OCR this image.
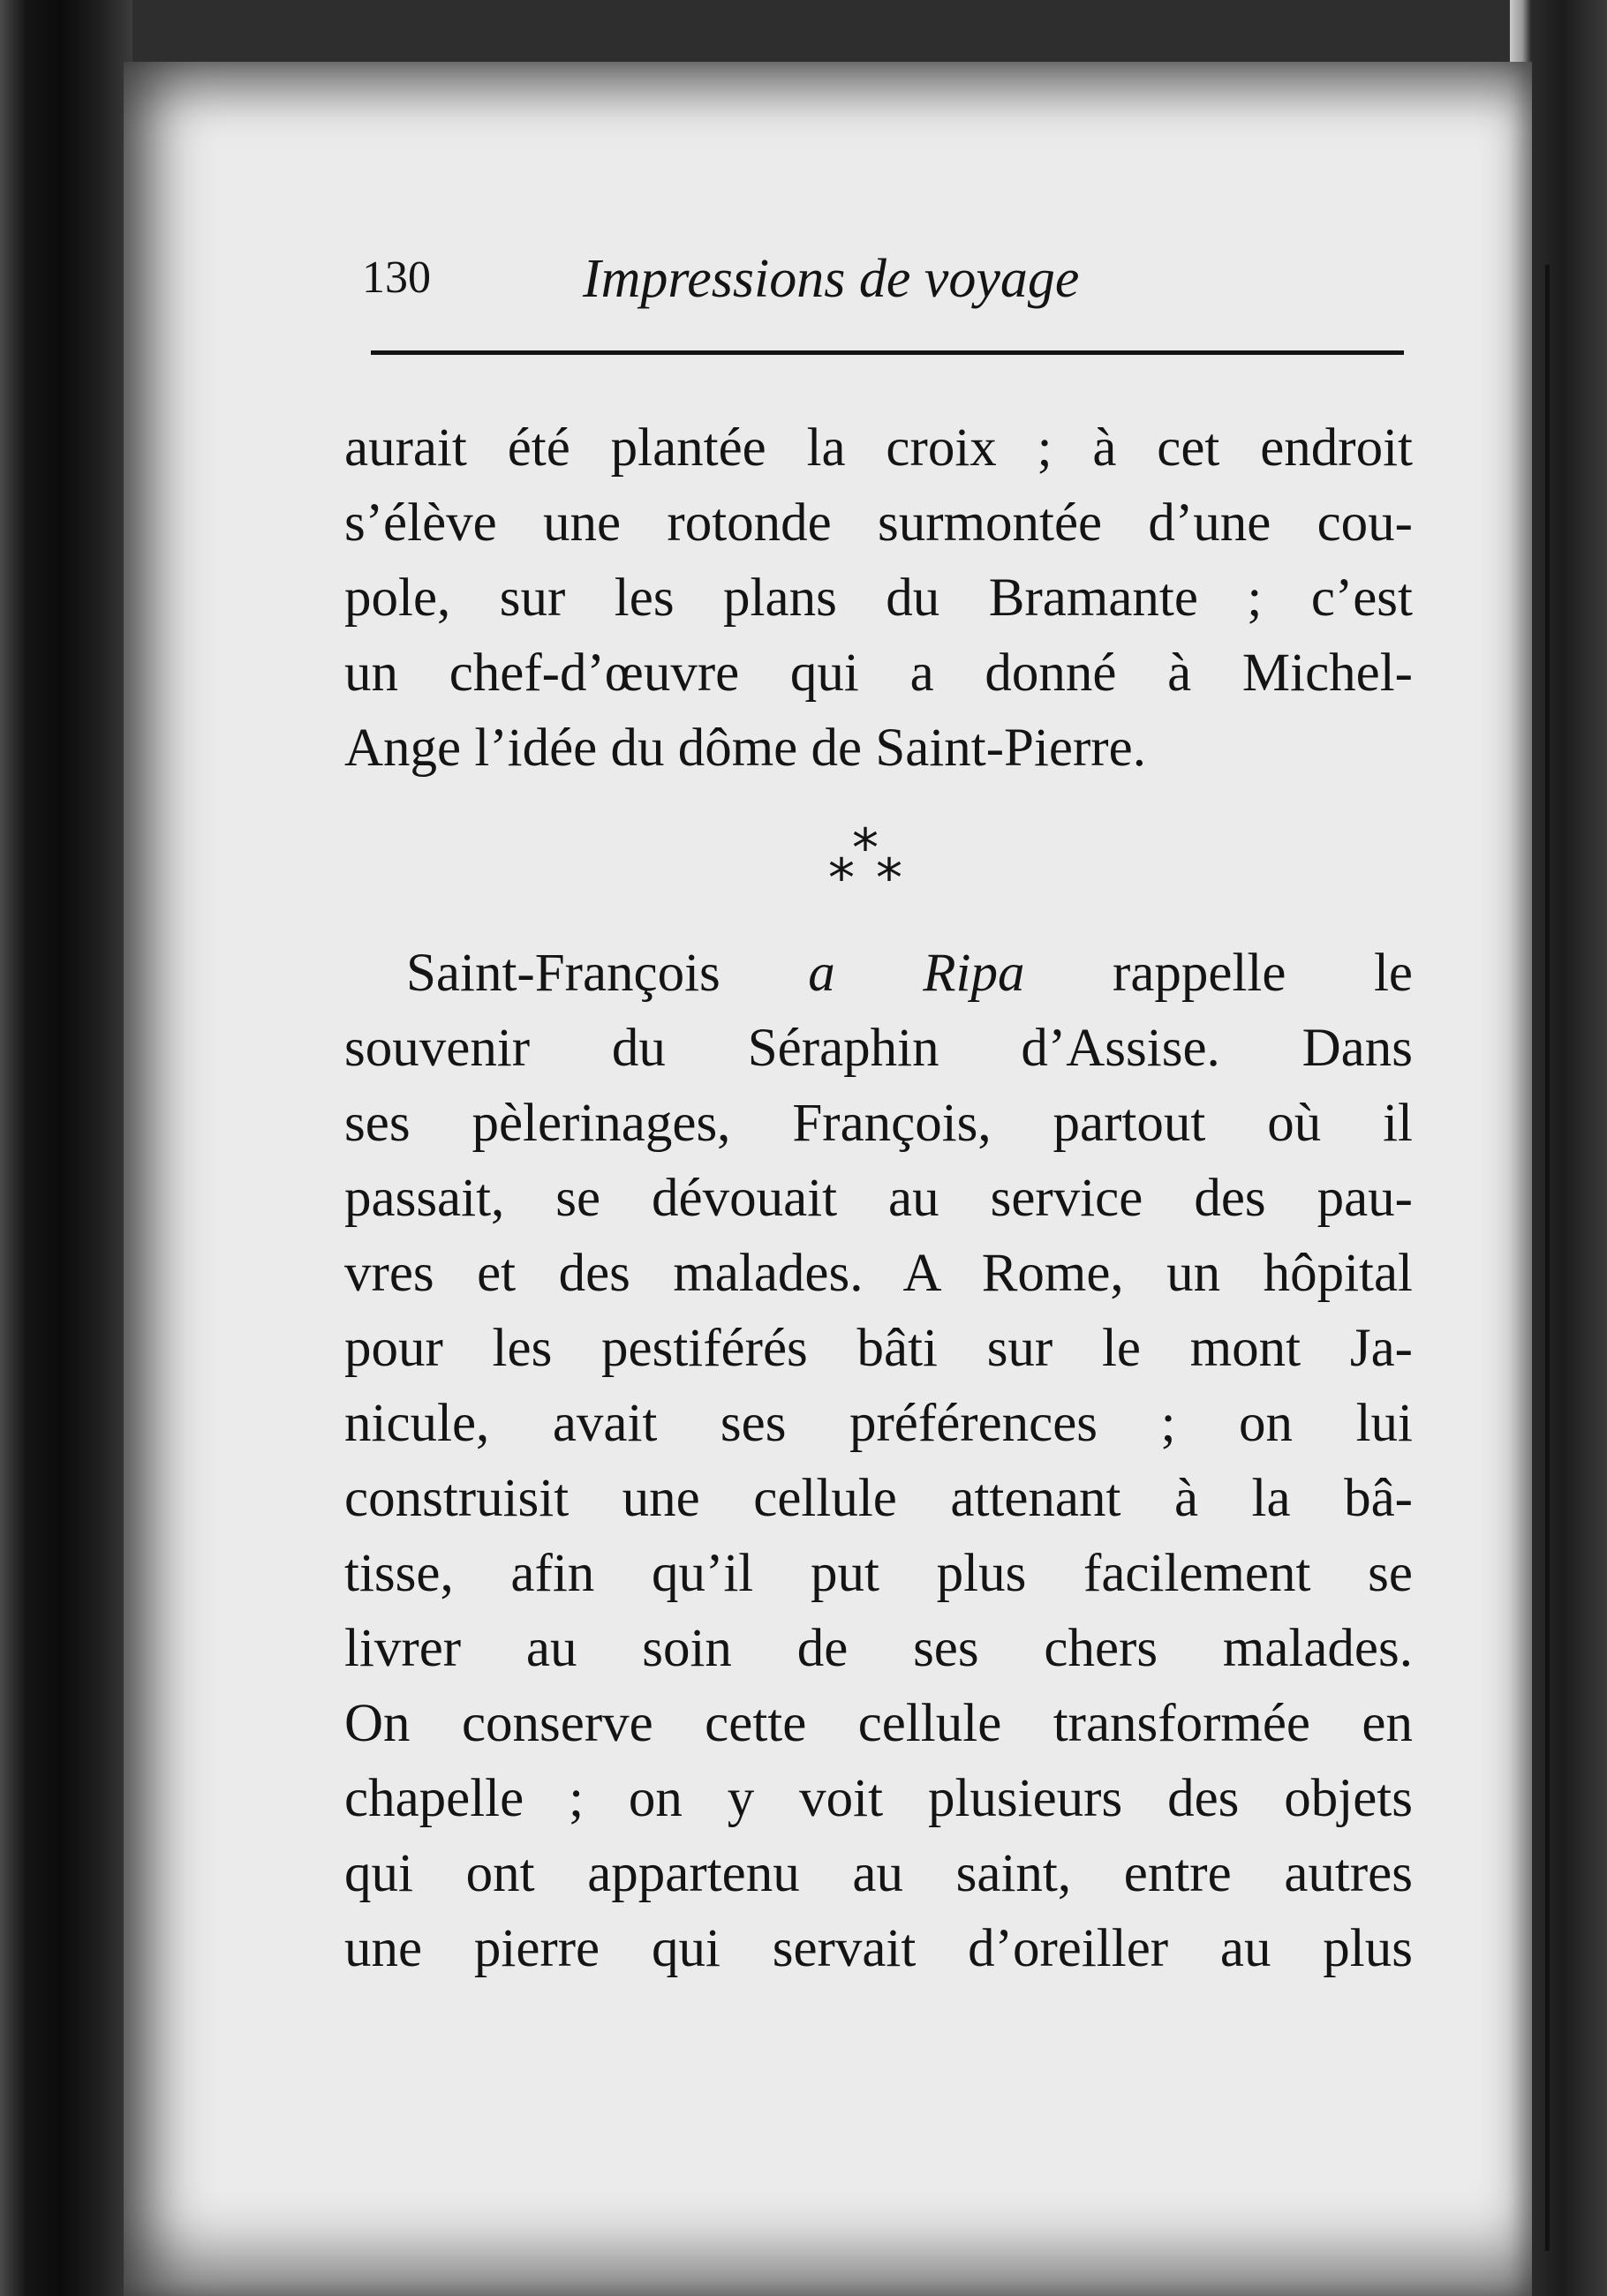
130	Impressions de voyage
aurait été plantée la croix ; à cet endroit
s’élève une rotonde surmontée d’une cou-
pole, sur les plans du Bramante ; c’est
un chef-d’œuvre qui a donné à Michel-
Ange l’idée du dôme de Saint-Pierre.
*
* *
Saint-François a Ripa rappelle le
souvenir du Séraphin d’Assise. Dans
ses pèlerinages, François, partout où il
passait, se dévouait au service des pau-
vres et des malades. A Rome, un hôpital
pour les pestiférés bâti sur le mont Ja-
nicule, avait ses préférences ; on lui
construisit une cellule attenant à la bâ-
tisse, afin qu’il put plus facilement se
livrer au soin de ses chers malades.
On conserve cette cellule transformée en
chapelle ; on y voit plusieurs des objets
qui ont appartenu au saint, entre autres
une pierre qui servait d’oreiller au plus
